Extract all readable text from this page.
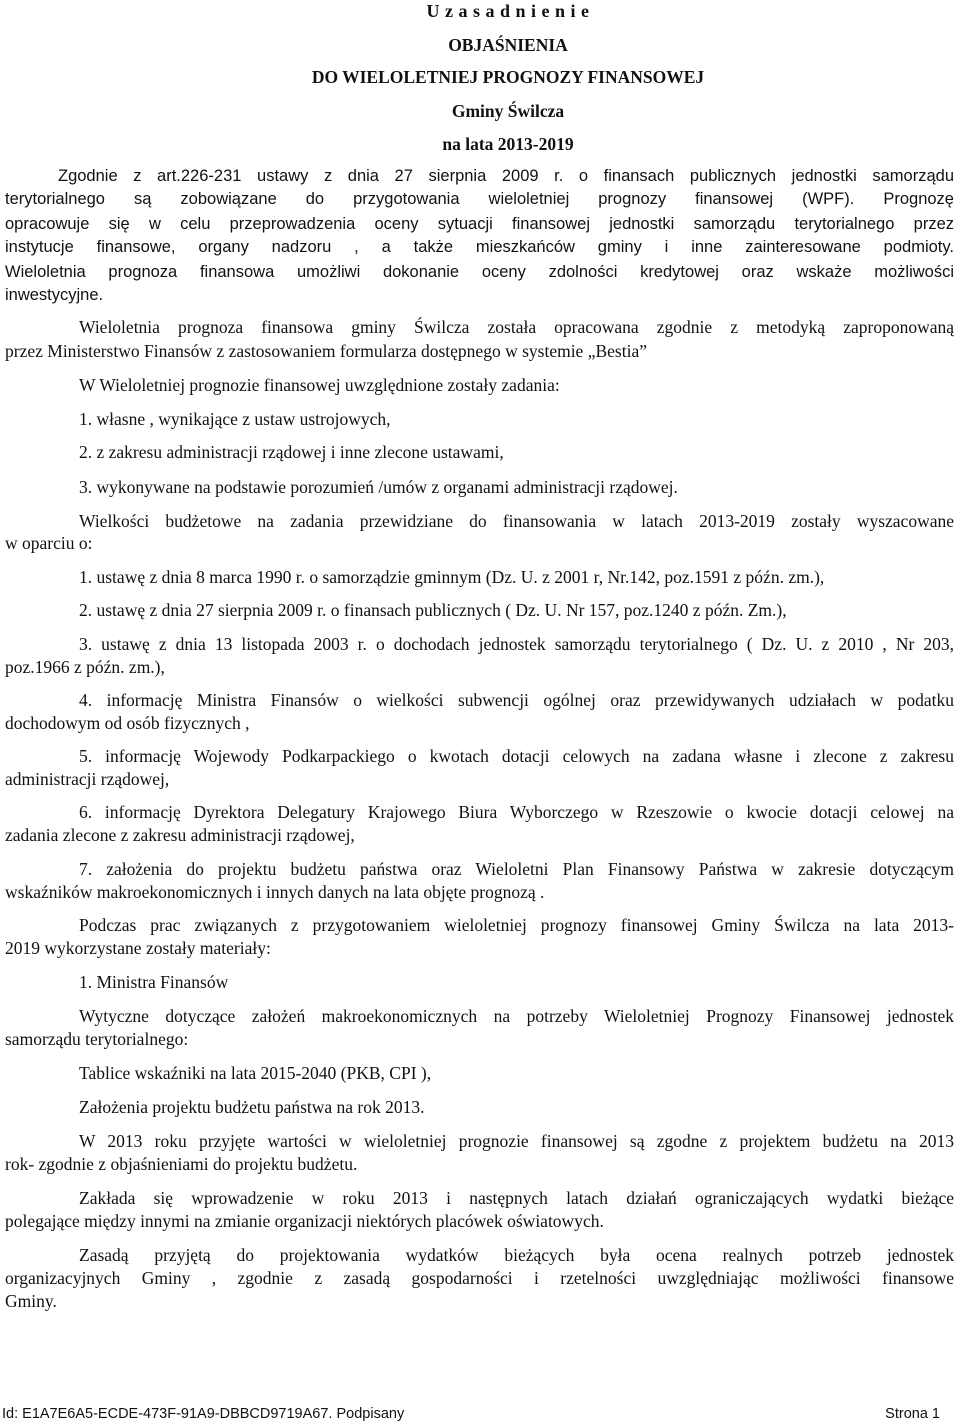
U z a s a d n i e n i e

OBJAŚNIENIA

DO WIELOLETNIEJ PROGNOZY FINANSOWEJ

Gminy Świlcza

na lata 2013-2019

Zgodnie z art.226-231 ustawy z dnia 27 sierpnia 2009 r. o finansach publicznych jednostki samorządu

terytorialnego są zobowiązane do przygotowania wieloletniej prognozy finansowej (WPF). Prognozę

opracowuje się w celu przeprowadzenia oceny sytuacji finansowej jednostki samorządu terytorialnego przez

instytucje finansowe, organy nadzoru , a także mieszkańców gminy i inne zainteresowane podmioty.

Wieloletnia prognoza finansowa umożliwi dokonanie oceny zdolności kredytowej oraz wskaże możliwości

inwestycyjne.

Wieloletnia prognoza finansowa gminy Świlcza została opracowana zgodnie z metodyką zaproponowaną

przez Ministerstwo Finansów z zastosowaniem formularza dostępnego w systemie „Bestia”

W Wieloletniej prognozie finansowej uwzględnione zostały zadania:

1. własne , wynikające z ustaw ustrojowych,

2. z zakresu administracji rządowej i inne zlecone ustawami,

3. wykonywane na podstawie porozumień /umów z organami administracji rządowej.

Wielkości budżetowe na zadania przewidziane do finansowania w latach 2013-2019 zostały wyszacowane

w oparciu o:

1. ustawę z dnia 8 marca 1990 r. o samorządzie gminnym (Dz. U. z 2001 r, Nr.142, poz.1591 z późn. zm.),

2. ustawę z dnia 27 sierpnia 2009 r. o finansach publicznych ( Dz. U. Nr 157, poz.1240 z późn. Zm.),

3. ustawę z dnia 13 listopada 2003 r. o dochodach jednostek samorządu terytorialnego ( Dz. U. z 2010 , Nr 203,

poz.1966 z późn. zm.),

4. informację Ministra Finansów o wielkości subwencji ogólnej oraz przewidywanych udziałach w podatku

dochodowym od osób fizycznych ,

5. informację Wojewody Podkarpackiego o kwotach dotacji celowych na zadana własne i zlecone z zakresu

administracji rządowej,

6. informację Dyrektora Delegatury Krajowego Biura Wyborczego w Rzeszowie o kwocie dotacji celowej na

zadania zlecone z zakresu administracji rządowej,

7. założenia do projektu budżetu państwa oraz Wieloletni Plan Finansowy Państwa w zakresie dotyczącym

wskaźników makroekonomicznych i innych danych na lata objęte prognozą .

Podczas prac związanych z przygotowaniem wieloletniej prognozy finansowej Gminy Świlcza na lata 2013-

2019 wykorzystane zostały materiały:

1. Ministra Finansów

Wytyczne dotyczące założeń makroekonomicznych na potrzeby Wieloletniej Prognozy Finansowej jednostek

samorządu terytorialnego:

Tablice wskaźniki na lata 2015-2040 (PKB, CPI ),

Założenia projektu budżetu państwa na rok 2013.

W 2013 roku przyjęte wartości w wieloletniej prognozie finansowej są zgodne z projektem budżetu na 2013

rok- zgodnie z objaśnieniami do projektu budżetu.

Zakłada się wprowadzenie w roku 2013 i następnych latach działań ograniczających wydatki bieżące

polegające między innymi na zmianie organizacji niektórych placówek oświatowych.

Zasadą przyjętą do projektowania wydatków bieżących była ocena realnych potrzeb jednostek

organizacyjnych Gminy , zgodnie z zasadą gospodarności i rzetelności uwzględniając możliwości finansowe

Gminy.

Id: E1A7E6A5-ECDE-473F-91A9-DBBCD9719A67. Podpisany	Strona 1
